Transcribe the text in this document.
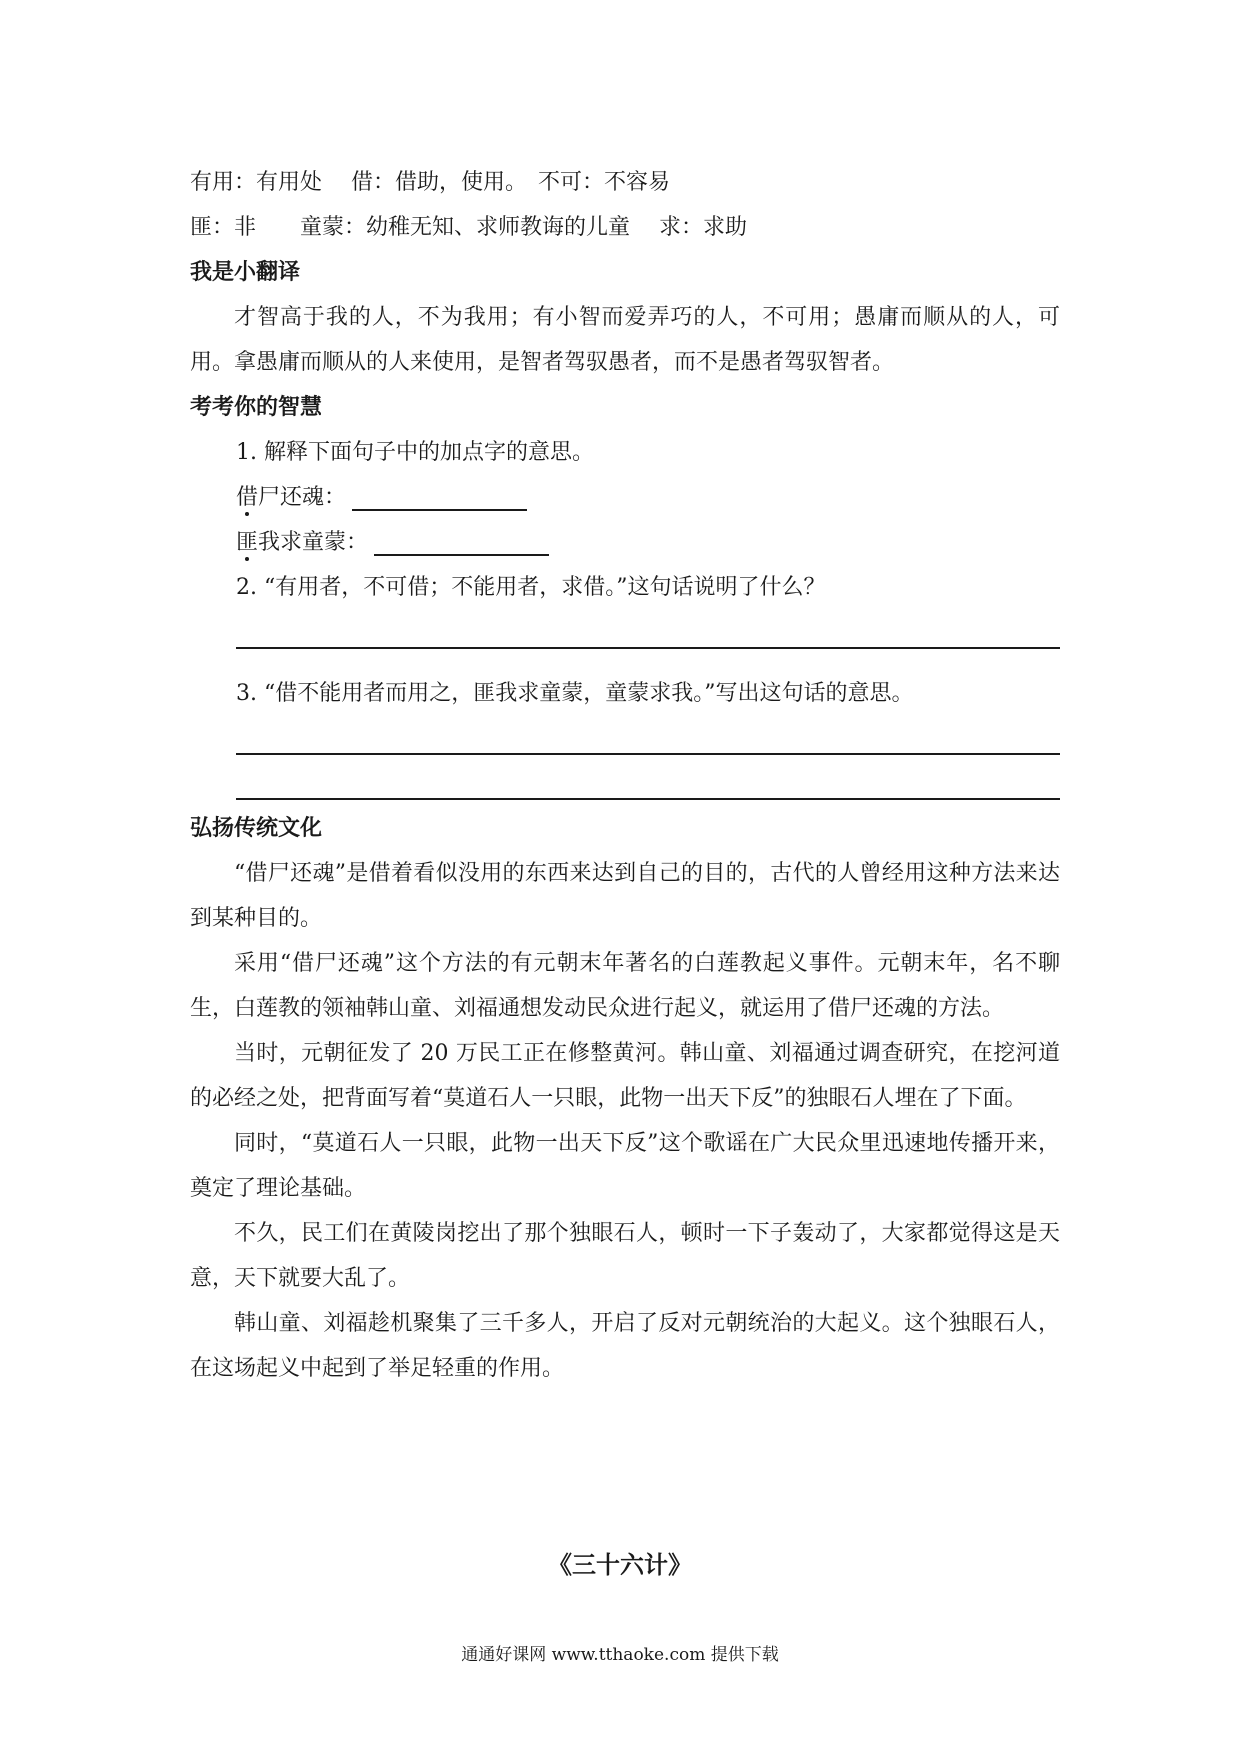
有用：有用处　 借：借助，使用。　不可：不容易
匪：非　　童蒙：幼稚无知、求师教诲的儿童　 求：求助
我是小翻译
才智高于我的人，不为我用；有小智而爱弄巧的人，不可用；愚庸而顺从的人，可用。拿愚庸而顺从的人来使用，是智者驾驭愚者，而不是愚者驾驭智者。
考考你的智慧
1. 解释下面句子中的加点字的意思。
借尸还魂：
匪我求童蒙：
2. “有用者，不可借；不能用者，求借。”这句话说明了什么？
3. “借不能用者而用之，匪我求童蒙，童蒙求我。”写出这句话的意思。
弘扬传统文化
“借尸还魂”是借着看似没用的东西来达到自己的目的，古代的人曾经用这种方法来达到某种目的。
采用“借尸还魂”这个方法的有元朝末年著名的白莲教起义事件。元朝末年，名不聊生，白莲教的领袖韩山童、刘福通想发动民众进行起义，就运用了借尸还魂的方法。
当时，元朝征发了 20 万民工正在修整黄河。韩山童、刘福通过调查研究，在挖河道的必经之处，把背面写着“莫道石人一只眼，此物一出天下反”的独眼石人埋在了下面。
同时，“莫道石人一只眼，此物一出天下反”这个歌谣在广大民众里迅速地传播开来，奠定了理论基础。
不久，民工们在黄陵岗挖出了那个独眼石人，顿时一下子轰动了，大家都觉得这是天意，天下就要大乱了。
韩山童、刘福趁机聚集了三千多人，开启了反对元朝统治的大起义。这个独眼石人，在这场起义中起到了举足轻重的作用。
《三十六计》
通通好课网 www.tthaoke.com 提供下载
